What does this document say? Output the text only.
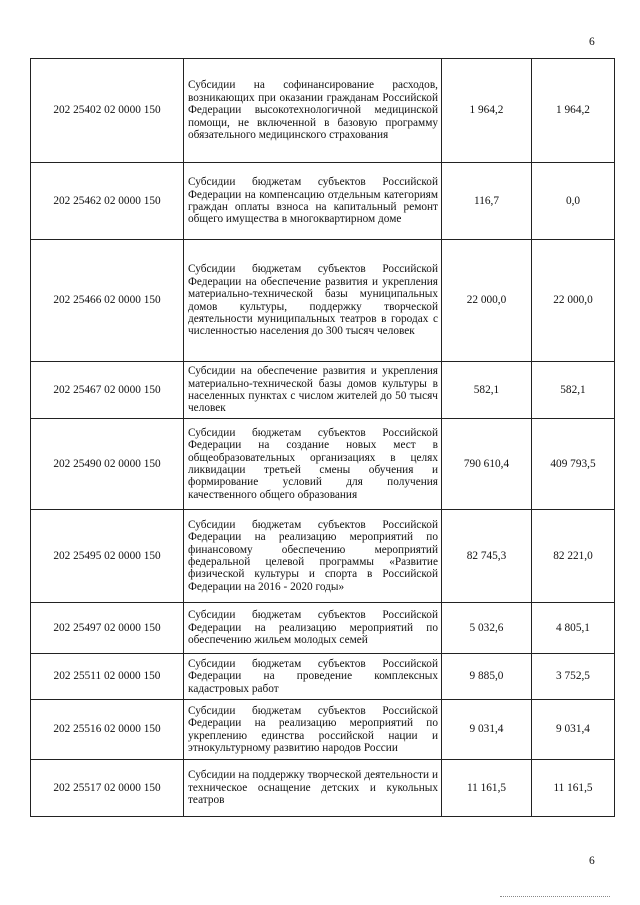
6
202 25402 02 0000 150	Субсидии на софинансирование расходов, возникающих при оказании гражданам Российской Федерации высокотехнологичной медицинской помощи, не включенной в базовую программу обязательного медицинского страхования	1 964,2	1 964,2
202 25462 02 0000 150	Субсидии бюджетам субъектов Российской Федерации на компенсацию отдельным категориям граждан оплаты взноса на капитальный ремонт общего имущества в многоквартирном доме	116,7	0,0
202 25466 02 0000 150	Субсидии бюджетам субъектов Российской Федерации на обеспечение развития и укрепления материально-технической базы муниципальных домов культуры, поддержку творческой деятельности муниципальных театров в городах с численностью населения до 300 тысяч человек	22 000,0	22 000,0
202 25467 02 0000 150	Субсидии на обеспечение развития и укрепления материально-технической базы домов культуры в населенных пунктах с числом жителей до 50 тысяч человек	582,1	582,1
202 25490 02 0000 150	Субсидии бюджетам субъектов Российской Федерации на создание новых мест в общеобразовательных организациях в целях ликвидации третьей смены обучения и формирование условий для получения качественного общего образования	790 610,4	409 793,5
202 25495 02 0000 150	Субсидии бюджетам субъектов Российской Федерации на реализацию мероприятий по финансовому обеспечению мероприятий федеральной целевой программы «Развитие физической культуры и спорта в Российской Федерации на 2016 - 2020 годы»	82 745,3	82 221,0
202 25497 02 0000 150	Субсидии бюджетам субъектов Российской Федерации на реализацию мероприятий по обеспечению жильем молодых семей	5 032,6	4 805,1
202 25511 02 0000 150	Субсидии бюджетам субъектов Российской Федерации на проведение комплексных кадастровых работ	9 885,0	3 752,5
202 25516 02 0000 150	Субсидии бюджетам субъектов Российской Федерации на реализацию мероприятий по укреплению единства российской нации и этнокультурному развитию народов России	9 031,4	9 031,4
202 25517 02 0000 150	Субсидии на поддержку творческой деятельности и техническое оснащение детских и кукольных театров	11 161,5	11 161,5
6
